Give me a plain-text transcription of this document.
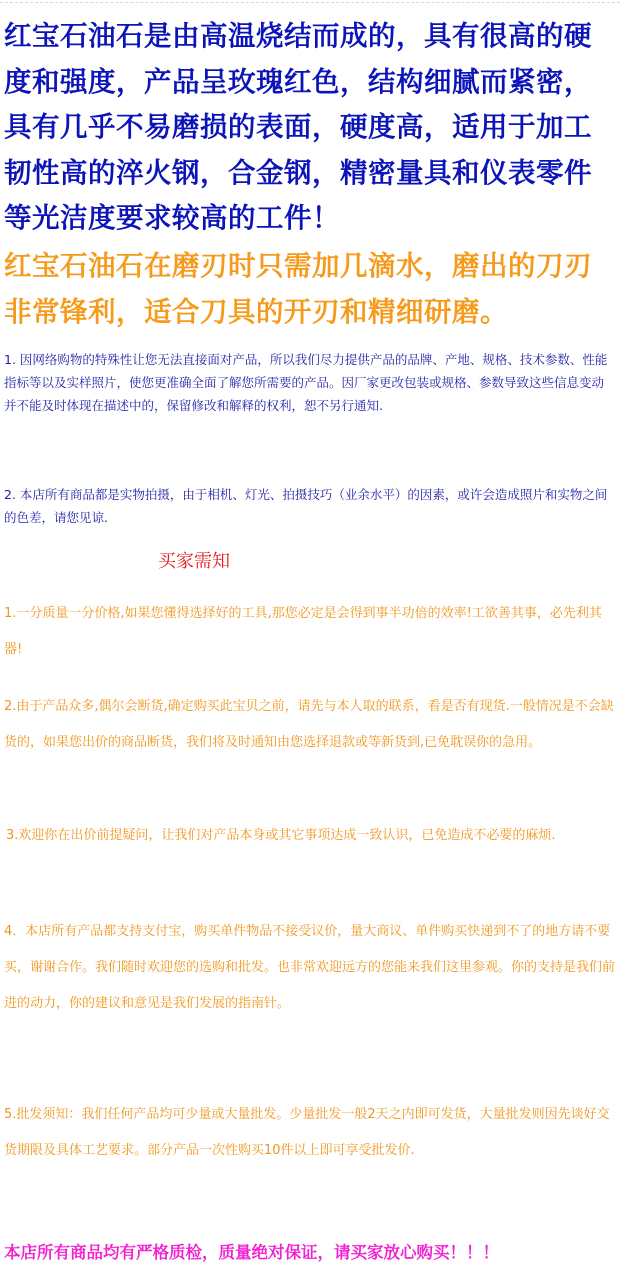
红宝石油石是由高温烧结而成的，具有很高的硬度和强度，产品呈玫瑰红色，结构细腻而紧密，具有几乎不易磨损的表面，硬度高，适用于加工韧性高的淬火钢，合金钢，精密量具和仪表零件等光洁度要求较高的工件！

红宝石油石在磨刃时只需加几滴水，磨出的刀刃非常锋利，适合刀具的开刃和精细研磨。

1. 因网络购物的特殊性让您无法直接面对产品，所以我们尽力提供产品的品牌、产地、规格、技术参数、性能指标等以及实样照片，使您更准确全面了解您所需要的产品。因厂家更改包装或规格、参数导致这些信息变动并不能及时体现在描述中的，保留修改和解释的权利，恕不另行通知.

2. 本店所有商品都是实物拍摄，由于相机、灯光、拍摄技巧（业余水平）的因素，或许会造成照片和实物之间的色差，请您见谅.

买家需知

1.一分质量一分价格,如果您懂得选择好的工具,那您必定是会得到事半功倍的效率!工欲善其事，必先利其器!

2.由于产品众多,偶尔会断货,确定购买此宝贝之前，请先与本人取的联系，看是否有现货.一般情况是不会缺货的，如果您出价的商品断货，我们将及时通知由您选择退款或等新货到,已免耽误你的急用。

3.欢迎你在出价前提疑问，让我们对产品本身或其它事项达成一致认识，已免造成不必要的麻烦.

4．本店所有产品都支持支付宝，购买单件物品不接受议价，量大商议、单件购买快递到不了的地方请不要买，谢谢合作。我们随时欢迎您的选购和批发。也非常欢迎远方的您能来我们这里参观。你的支持是我们前进的动力，你的建议和意见是我们发展的指南针。

5.批发须知：我们任何产品均可少量或大量批发。少量批发一般2天之内即可发货，大量批发则因先谈好交货期限及具体工艺要求。部分产品一次性购买10件以上即可享受批发价.

本店所有商品均有严格质检，质量绝对保证，请买家放心购买！！！
